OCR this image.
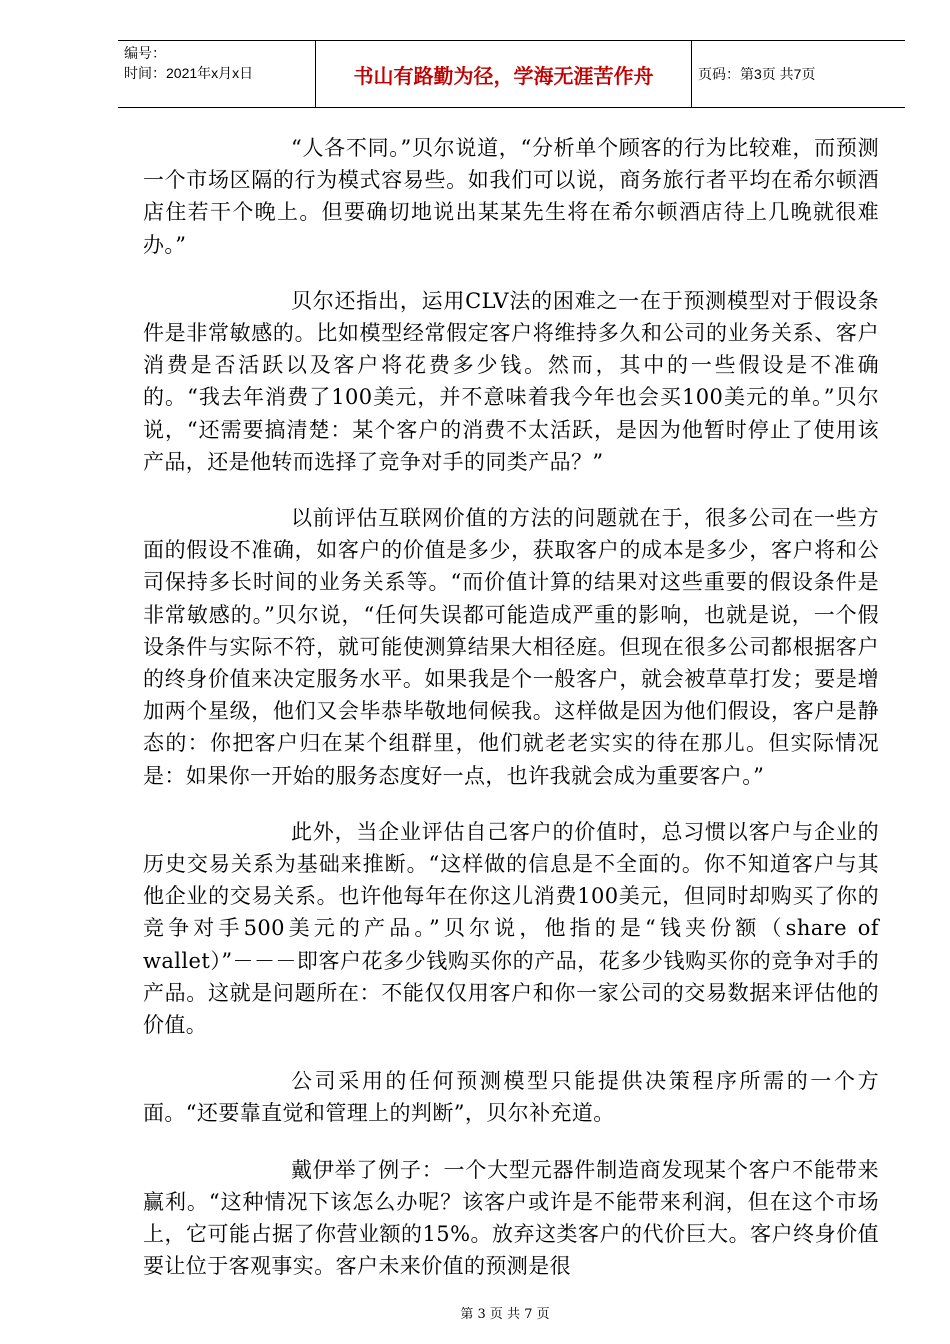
编号：
时间：2021年x月x日	书山有路勤为径，学海无涯苦作舟	页码：第3页 共7页

“人各不同。”贝尔说道，“分析单个顾客的行为比较难，而预测一个市场区隔的行为模式容易些。如我们可以说，商务旅行者平均在希尔顿酒店住若干个晚上。但要确切地说出某某先生将在希尔顿酒店待上几晚就很难办。”

贝尔还指出，运用CLV法的困难之一在于预测模型对于假设条件是非常敏感的。比如模型经常假定客户将维持多久和公司的业务关系、客户消费是否活跃以及客户将花费多少钱。然而，其中的一些假设是不准确的。“我去年消费了100美元，并不意味着我今年也会买100美元的单。”贝尔说，“还需要搞清楚：某个客户的消费不太活跃，是因为他暂时停止了使用该产品，还是他转而选择了竞争对手的同类产品？”

以前评估互联网价值的方法的问题就在于，很多公司在一些方面的假设不准确，如客户的价值是多少，获取客户的成本是多少，客户将和公司保持多长时间的业务关系等。“而价值计算的结果对这些重要的假设条件是非常敏感的。”贝尔说，“任何失误都可能造成严重的影响，也就是说，一个假设条件与实际不符，就可能使测算结果大相径庭。但现在很多公司都根据客户的终身价值来决定服务水平。如果我是个一般客户，就会被草草打发；要是增加两个星级，他们又会毕恭毕敬地伺候我。这样做是因为他们假设，客户是静态的：你把客户归在某个组群里，他们就老老实实的待在那儿。但实际情况是：如果你一开始的服务态度好一点，也许我就会成为重要客户。”

此外，当企业评估自己客户的价值时，总习惯以客户与企业的历史交易关系为基础来推断。“这样做的信息是不全面的。你不知道客户与其他企业的交易关系。也许他每年在你这儿消费100美元，但同时却购买了你的竞争对手500美元的产品。”贝尔说，他指的是“钱夹份额（share of wallet）”－－－即客户花多少钱购买你的产品，花多少钱购买你的竞争对手的产品。这就是问题所在：不能仅仅用客户和你一家公司的交易数据来评估他的价值。

公司采用的任何预测模型只能提供决策程序所需的一个方面。“还要靠直觉和管理上的判断”，贝尔补充道。

戴伊举了例子：一个大型元器件制造商发现某个客户不能带来赢利。“这种情况下该怎么办呢？该客户或许是不能带来利润，但在这个市场上，它可能占据了你营业额的15%。放弃这类客户的代价巨大。客户终身价值要让位于客观事实。客户未来价值的预测是很

第 3 页 共 7 页
